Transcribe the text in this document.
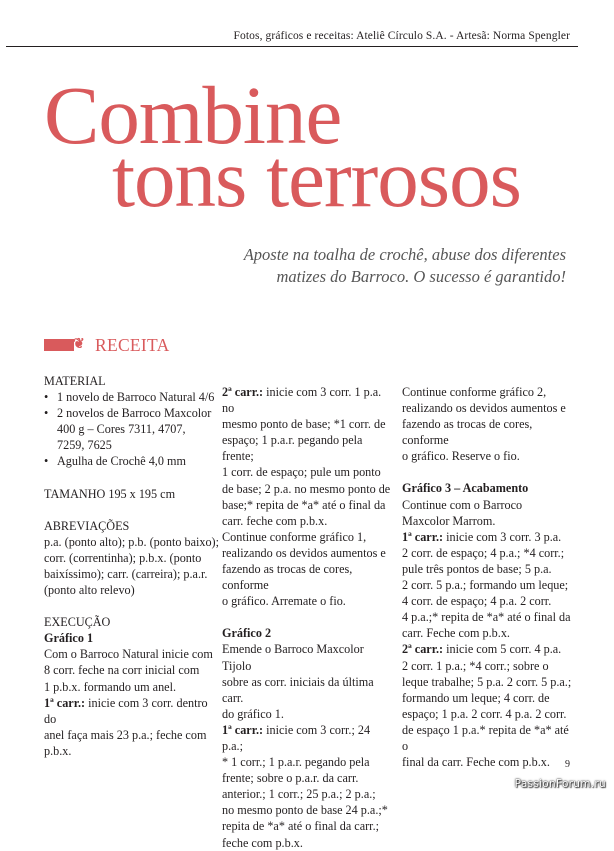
Fotos, gráficos e receitas: Ateliê Círculo S.A. - Artesã: Norma Spengler
Combine
tons terrosos
Aposte na toalha de crochê, abuse dos diferentes
matizes do Barroco. O sucesso é garantido!
❦ RECEITA

MATERIAL

• 1 novelo de Barroco Natural 4/6
• 2 novelos de Barroco Maxcolor
400 g – Cores 7311, 4707,
7259, 7625
• Agulha de Crochê 4,0 mm

TAMANHO 195 x 195 cm

ABREVIAÇÕES

p.a. (ponto alto); p.b. (ponto baixo);
corr. (correntinha); p.b.x. (ponto
baixíssimo); carr. (carreira); p.a.r.
(ponto alto relevo)

EXECUÇÃO

Gráfico 1

Com o Barroco Natural inicie com
8 corr. feche na corr inicial com
1 p.b.x. formando um anel.

1ª carr.: inicie com 3 corr. dentro do
anel faça mais 23 p.a.; feche com p.b.x.

2ª carr.: inicie com 3 corr. 1 p.a. no
mesmo ponto de base; *1 corr. de
espaço; 1 p.a.r. pegando pela frente;
1 corr. de espaço; pule um ponto
de base; 2 p.a. no mesmo ponto de
base;* repita de *a* até o final da
carr. feche com p.b.x.
Continue conforme gráfico 1,
realizando os devidos aumentos e
fazendo as trocas de cores, conforme
o gráfico. Arremate o fio.

Gráfico 2

Emende o Barroco Maxcolor Tijolo
sobre as corr. iniciais da última carr.
do gráfico 1.

1ª carr.: inicie com 3 corr.; 24 p.a.;
* 1 corr.; 1 p.a.r. pegando pela
frente; sobre o p.a.r. da carr.
anterior.; 1 corr.; 25 p.a.; 2 p.a.;
no mesmo ponto de base 24 p.a.;*
repita de *a* até o final da carr.;
feche com p.b.x.

Continue conforme gráfico 2,
realizando os devidos aumentos e
fazendo as trocas de cores, conforme
o gráfico. Reserve o fio.

Gráfico 3 – Acabamento

Continue com o Barroco
Maxcolor Marrom.

1ª carr.: inicie com 3 corr. 3 p.a.
2 corr. de espaço; 4 p.a.; *4 corr.;
pule três pontos de base; 5 p.a.
2 corr. 5 p.a.; formando um leque;
4 corr. de espaço; 4 p.a. 2 corr.
4 p.a.;* repita de *a* até o final da
carr. Feche com p.b.x.

2ª carr.: inicie com 5 corr. 4 p.a.
2 corr. 1 p.a.; *4 corr.; sobre o
leque trabalhe; 5 p.a. 2 corr. 5 p.a.;
formando um leque; 4 corr. de
espaço; 1 p.a. 2 corr. 4 p.a. 2 corr.
de espaço 1 p.a.* repita de *a* até o
final da carr. Feche com p.b.x.	9
PassionForum.ru
